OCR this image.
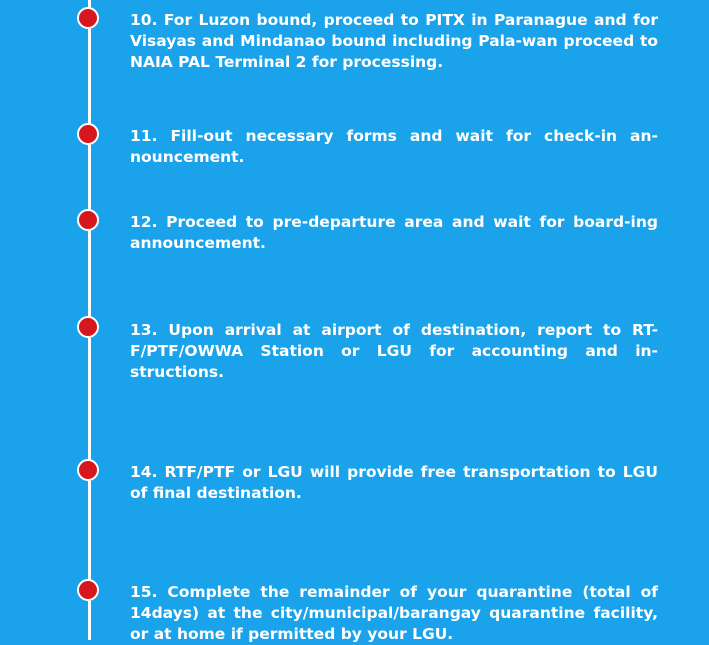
10. For Luzon bound, proceed to PITX in Paranague and for Visayas and Mindanao bound including Pala-wan proceed to NAIA PAL Terminal 2 for processing.

11. Fill-out necessary forms and wait for check-in an-nouncement.

12. Proceed to pre-departure area and wait for board-ing announcement.

13. Upon arrival at airport of destination, report to RT-F/PTF/OWWA Station or LGU for accounting and in-structions.

14. RTF/PTF or LGU will provide free transportation to LGU of final destination.

15. Complete the remainder of your quarantine (total of 14days) at the city/municipal/barangay quarantine facility, or at home if permitted by your LGU.
